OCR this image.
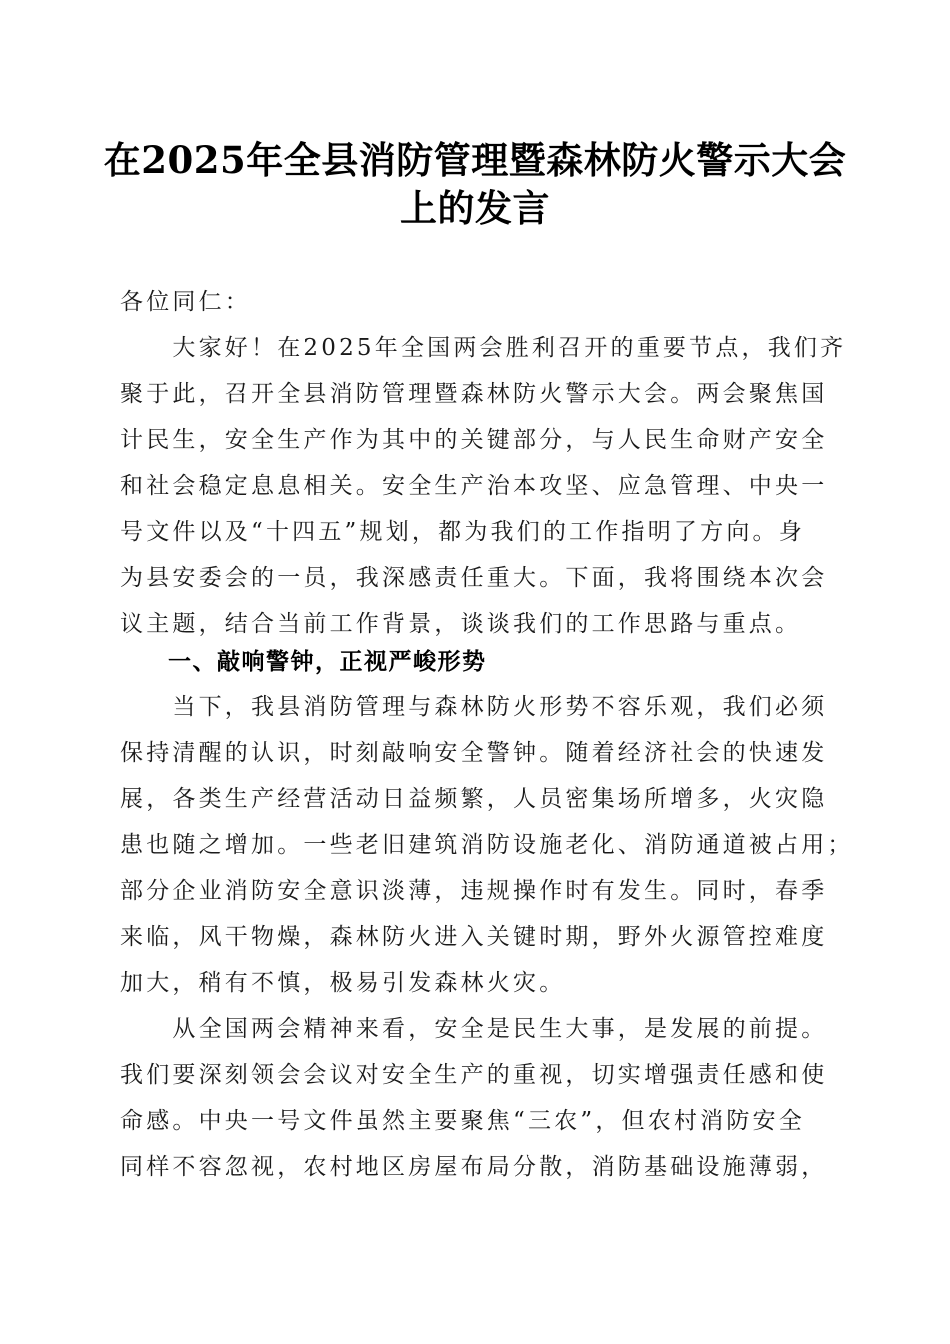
在2025年全县消防管理暨森林防火警示大会
上的发言
各位同仁：
　　大家好！在2025年全国两会胜利召开的重要节点，我们齐
聚于此，召开全县消防管理暨森林防火警示大会。两会聚焦国
计民生，安全生产作为其中的关键部分，与人民生命财产安全
和社会稳定息息相关。安全生产治本攻坚、应急管理、中央一
号文件以及“十四五”规划，都为我们的工作指明了方向。身
为县安委会的一员，我深感责任重大。下面，我将围绕本次会
议主题，结合当前工作背景，谈谈我们的工作思路与重点。
一、敲响警钟，正视严峻形势
　　当下，我县消防管理与森林防火形势不容乐观，我们必须
保持清醒的认识，时刻敲响安全警钟。随着经济社会的快速发
展，各类生产经营活动日益频繁，人员密集场所增多，火灾隐
患也随之增加。一些老旧建筑消防设施老化、消防通道被占用；
部分企业消防安全意识淡薄，违规操作时有发生。同时，春季
来临，风干物燥，森林防火进入关键时期，野外火源管控难度
加大，稍有不慎，极易引发森林火灾。
　　从全国两会精神来看，安全是民生大事，是发展的前提。
我们要深刻领会会议对安全生产的重视，切实增强责任感和使
命感。中央一号文件虽然主要聚焦“三农”，但农村消防安全
同样不容忽视，农村地区房屋布局分散，消防基础设施薄弱，
